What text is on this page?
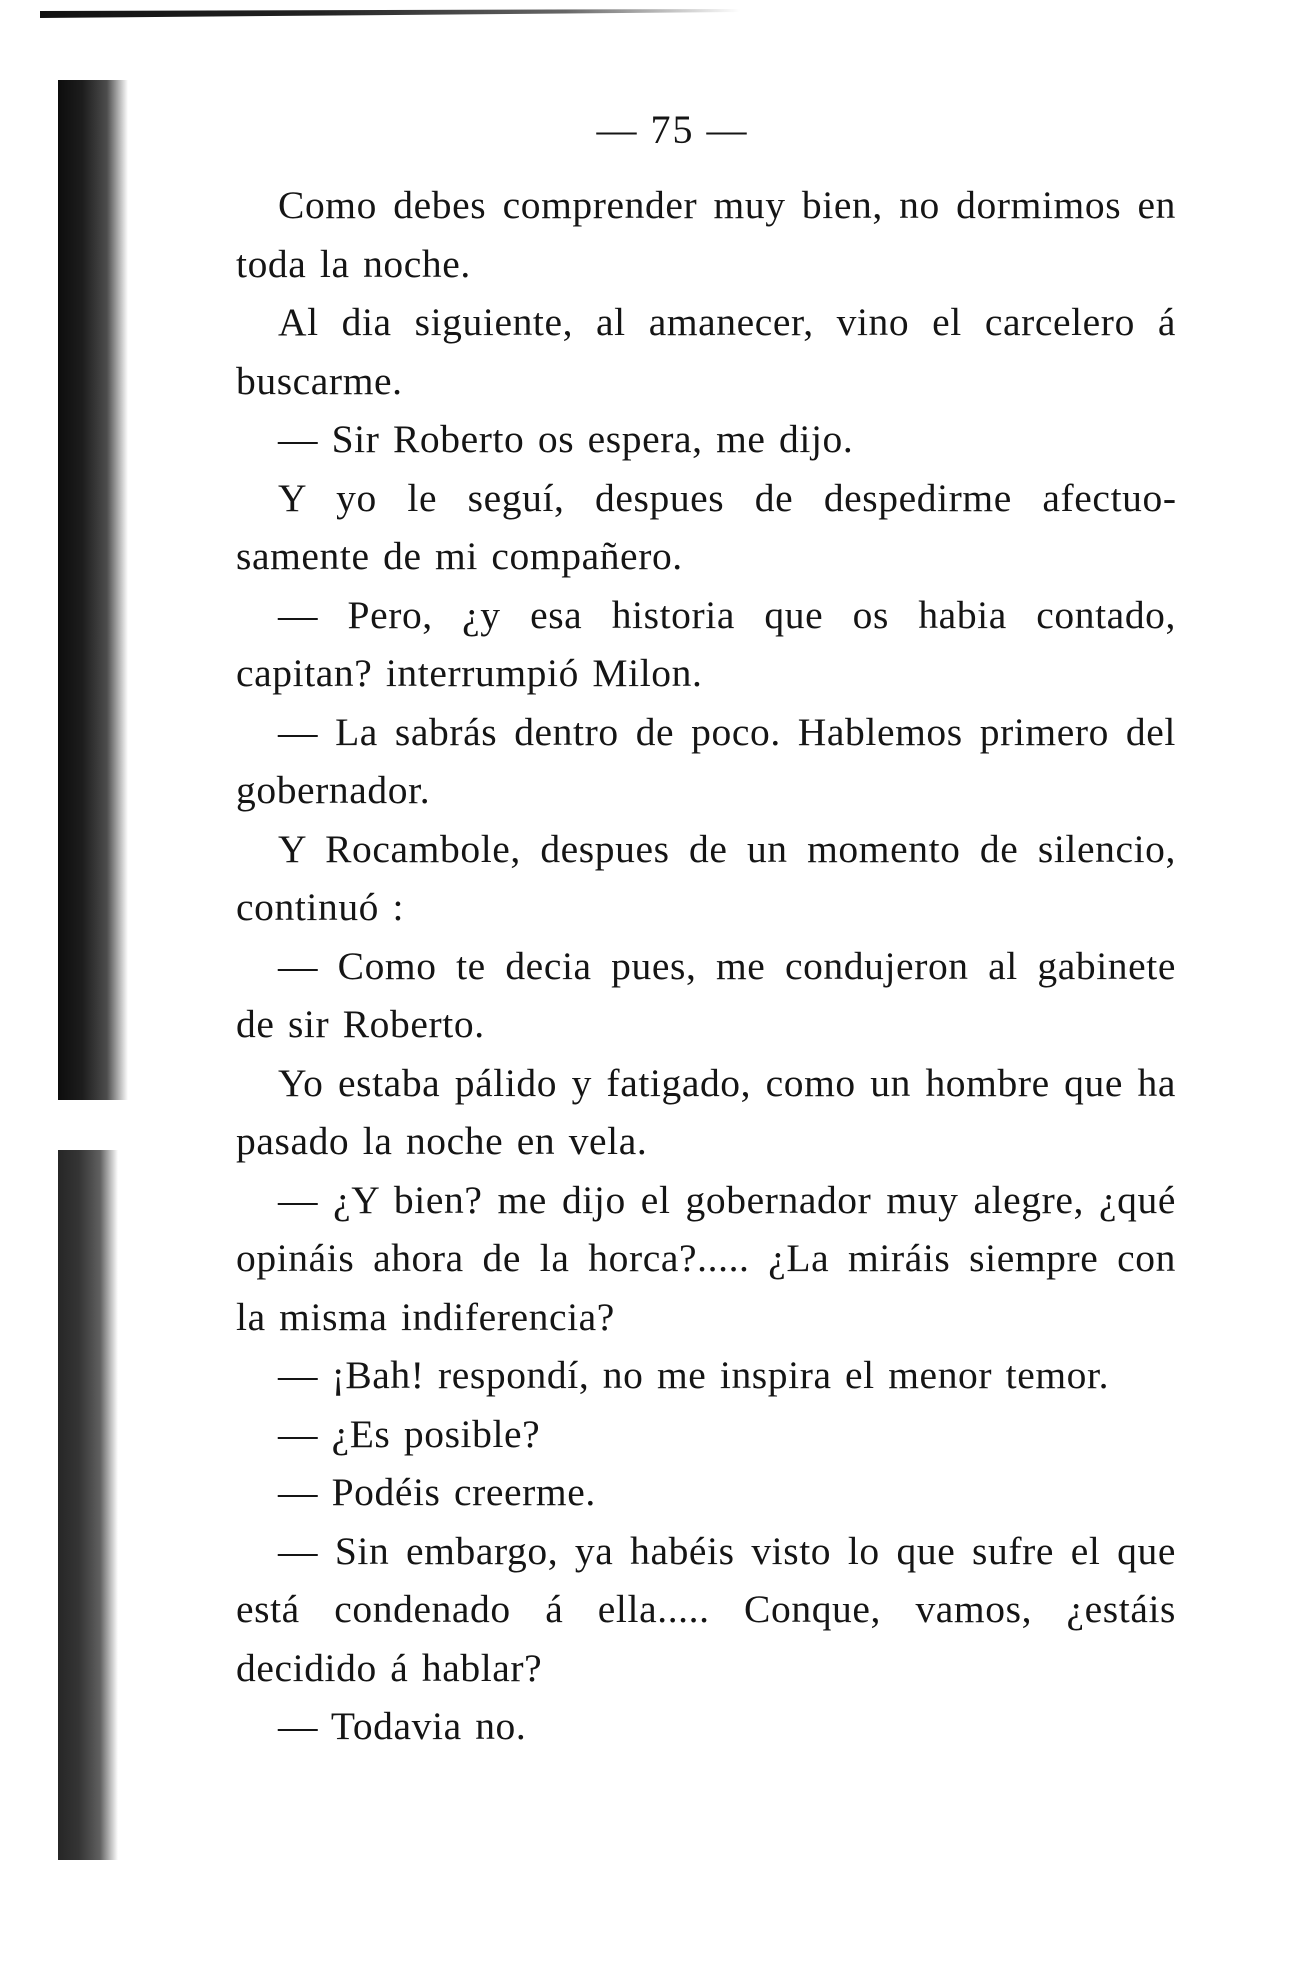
— 75 —

Como debes comprender muy bien, no dormimos en toda la noche.

Al dia siguiente, al amanecer, vino el carcelero á buscarme.

— Sir Roberto os espera, me dijo.

Y yo le seguí, despues de despedirme afectuosamente de mi compañero.

— Pero, ¿y esa historia que os habia contado, capitan? interrumpió Milon.

— La sabrás dentro de poco. Hablemos primero del gobernador.

Y Rocambole, despues de un momento de silencio, continuó :

— Como te decia pues, me condujeron al gabinete de sir Roberto.

Yo estaba pálido y fatigado, como un hombre que ha pasado la noche en vela.

— ¿Y bien? me dijo el gobernador muy alegre, ¿qué opináis ahora de la horca?..... ¿La miráis siempre con la misma indiferencia?

— ¡Bah! respondí, no me inspira el menor temor.

— ¿Es posible?

— Podéis creerme.

— Sin embargo, ya habéis visto lo que sufre el que está condenado á ella..... Conque, vamos, ¿estáis decidido á hablar?

— Todavia no.
